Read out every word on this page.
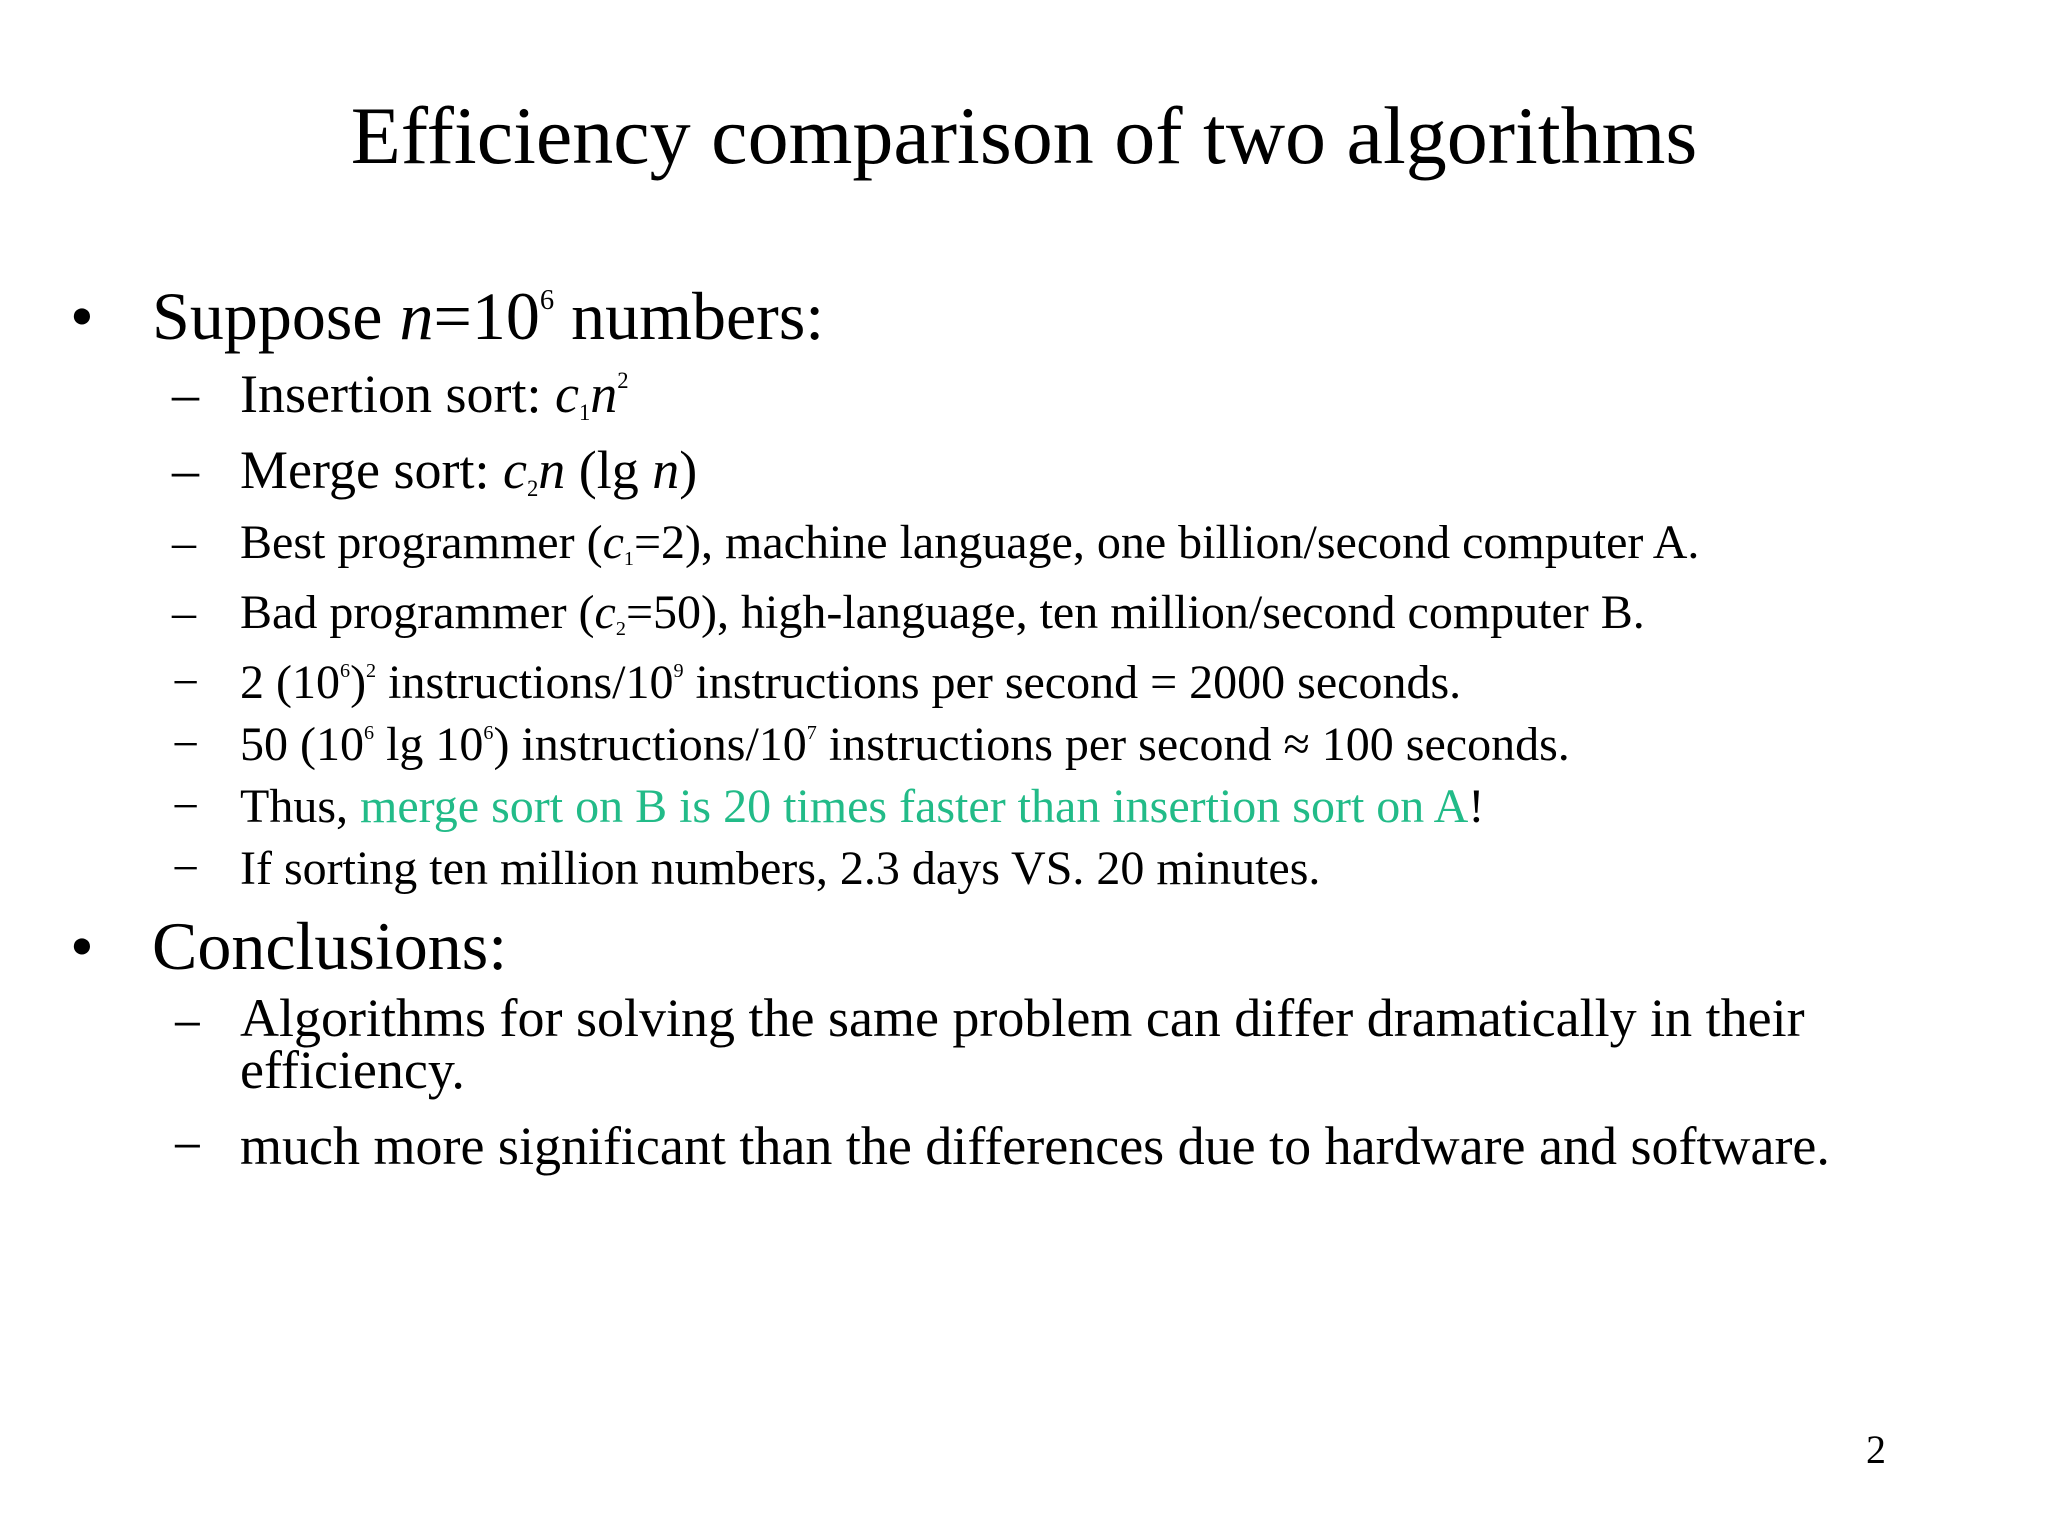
Efficiency comparison of two algorithms
• Suppose $n=10^6$ numbers:
– Insertion sort: $c_1n^2$
– Merge sort: $c_2n$ (lg n)
– Best programmer $(c_1=2)$, machine language, one billion/second computer A.
– Bad programmer $(c_2=50)$, high-language, ten million/second computer B.
− 2 $(10^6)^2$ instructions/$10^9$ instructions per second = 2000 seconds.
− 50 ($10^6$ $\lg 10^6$) instructions/$10^7$ instructions per second ≈ 100 seconds.
− Thus, merge sort on B is 20 times faster than insertion sort on A!
− If sorting ten million numbers, 2.3 days VS. 20 minutes.
• Conclusions:
− Algorithms for solving the same problem can differ dramatically in their efficiency.
− much more significant than the differences due to hardware and software.
2
